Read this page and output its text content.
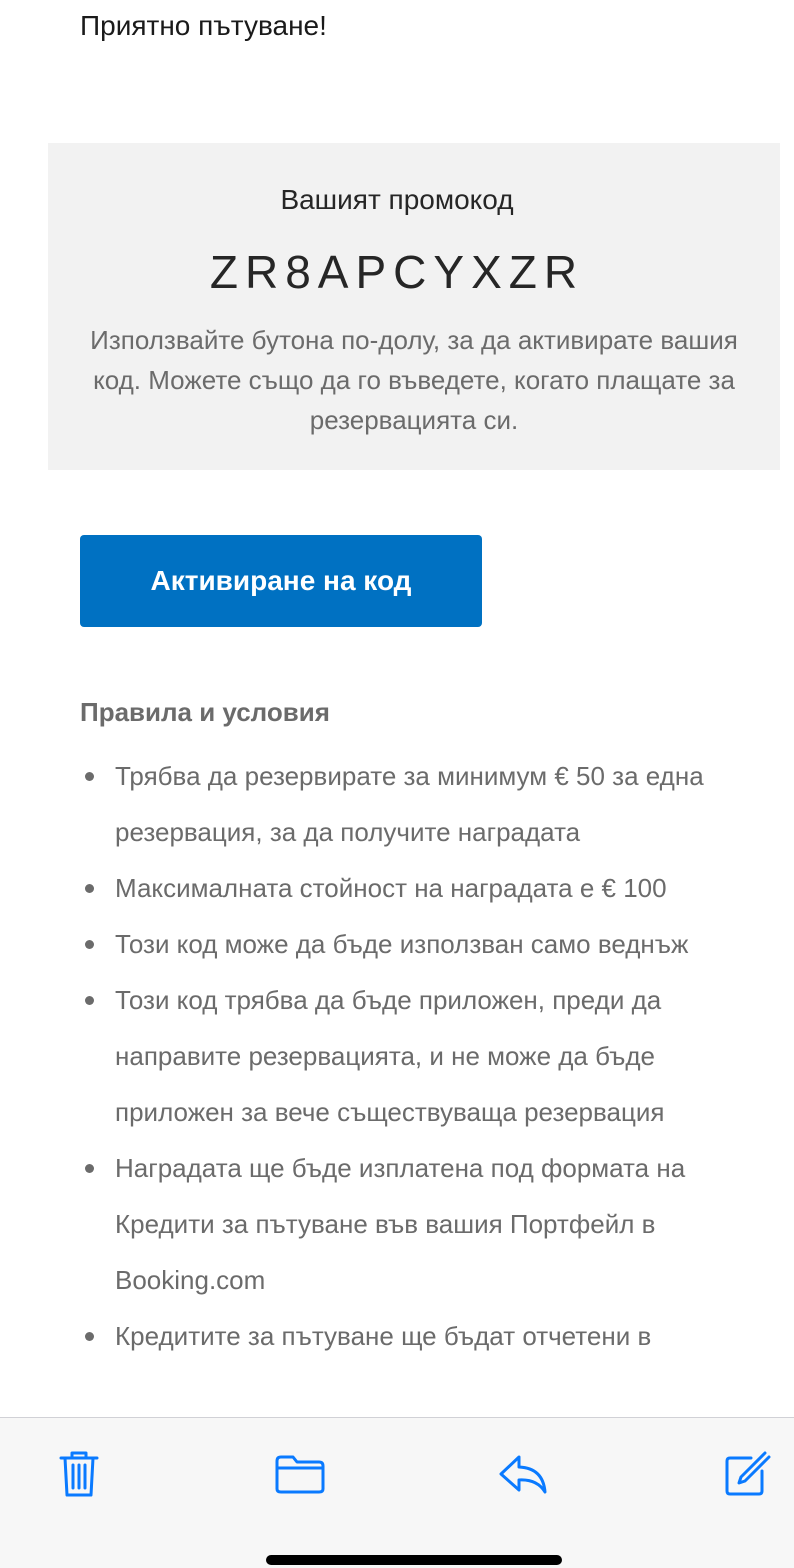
Приятно пътуване!
Вашият промокод
ZR8APCYXZR
Използвайте бутона по-долу, за да активирате вашия код. Можете също да го въведете, когато плащате за резервацията си.
Активиране на код
Правила и условия
Трябва да резервирате за минимум € 50 за една резервация, за да получите наградата
Максималната стойност на наградата е € 100
Този код може да бъде използван само веднъж
Този код трябва да бъде приложен, преди да направите резервацията, и не може да бъде приложен за вече съществуваща резервация
Наградата ще бъде изплатена под формата на Кредити за пътуване във вашия Портфейл в Booking.com
Кредитите за пътуване ще бъдат отчетени в
